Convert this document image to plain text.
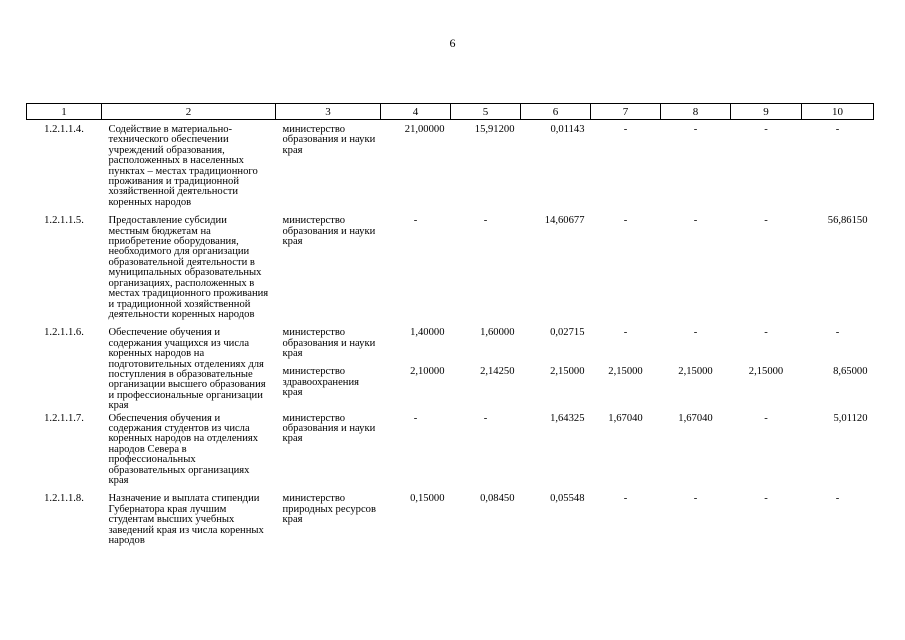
6
1	2	3	4	5	6	7	8	9	10
1.2.1.1.4.	Содействие в материально-технического обеспечении учреждений образования, расположенных в населенных пунктах – местах традиционного проживания и традиционной хозяйственной деятельности коренных народов	министерство образования и науки края	21,00000	15,91200	0,01143	-	-	-	-
1.2.1.1.5.	Предоставление субсидии местным бюджетам на приобретение оборудования, необходимого для организации образовательной деятельности в муниципальных образовательных организациях, расположенных в местах традиционного проживания и традиционной хозяйственной деятельности коренных народов	министерство образования и науки края	-	-	14,60677	-	-	-	56,86150
1.2.1.1.6.	Обеспечение обучения и содержания учащихся из числа коренных народов на подготовительных отделениях для поступления в образовательные организации высшего образования и профессиональные организации края	министерство образования и науки края	1,40000	1,60000	0,02715	-	-	-	-
		министерство здравоохранения края	2,10000	2,14250	2,15000	2,15000	2,15000	2,15000	8,65000
1.2.1.1.7.	Обеспечения обучения и содержания студентов из числа коренных народов на отделениях народов Севера в профессиональных образовательных организациях края	министерство образования и науки края	-	-	1,64325	1,67040	1,67040	-	5,01120
1.2.1.1.8.	Назначение и выплата стипендии Губернатора края лучшим студентам высших учебных заведений края из числа коренных народов	министерство природных ресурсов края	0,15000	0,08450	0,05548	-	-	-	-
